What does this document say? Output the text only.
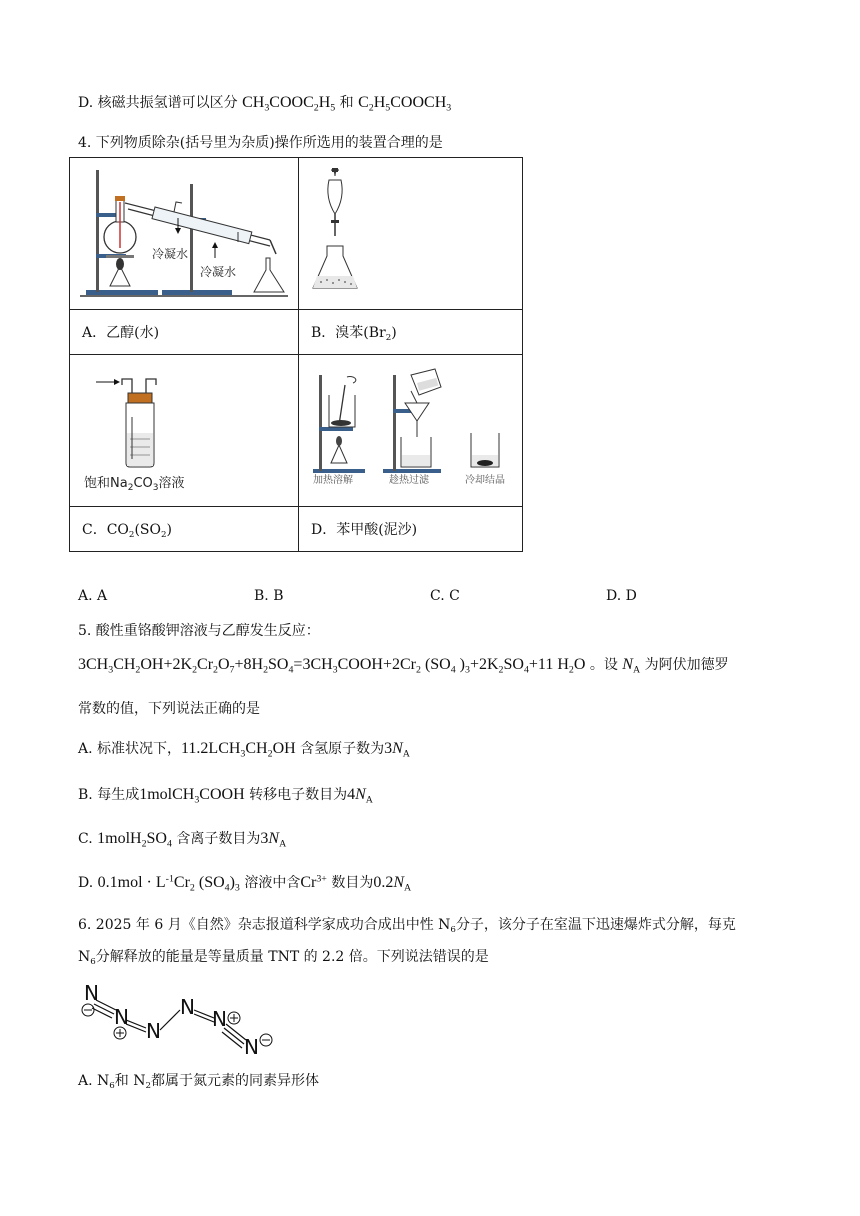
D. 核磁共振氢谱可以区分 $CH_3COOC_2H_5$ 和 $C_2H_5COOCH_3$
4. 下列物质除杂(括号里为杂质)操作所选用的装置合理的是
冷凝水
冷凝水

A．乙醇(水)	B．溴苯$(Br_2)$

饱和$Na_2CO_3$溶液	加热溶解 趁热过滤 冷却结晶

C．$CO_2(SO_2)$	D．苯甲酸(泥沙)
A. A	B. B	C. C	D. D
5. 酸性重铬酸钾溶液与乙醇发生反应：
$3CH_3CH_2OH+2K_2Cr_2O_7+8H_2SO_4=3CH_3COOH+2Cr_2$ ($SO_4$ )$_3+2K_2SO_4+11$ $H_2O$ 。设 $N_A$ 为阿伏加德罗
常数的值，下列说法正确的是
A. 标准状况下，$11.2LCH_3CH_2OH$ 含氢原子数为$3N_A$
B. 每生成1molCH$_3$COOH 转移电子数目为$4N_A$
C. $1molH_2SO_4$ 含离子数目为$3N_A$
D. $0.1mol \cdot L^{-1}Cr_2$ $(SO_4)_3$ 溶液中含$Cr^{3+}$ 数目为$0.2N_A$
6. 2025 年 6 月《自然》杂志报道科学家成功合成出中性 $N_6$分子，该分子在室温下迅速爆炸式分解，每克
$N_6$分解释放的能量是等量质量 TNT 的 2.2 倍。下列说法错误的是
N
N
N
N N
N
A. $N_6$和 $N_2$都属于氮元素的同素异形体
